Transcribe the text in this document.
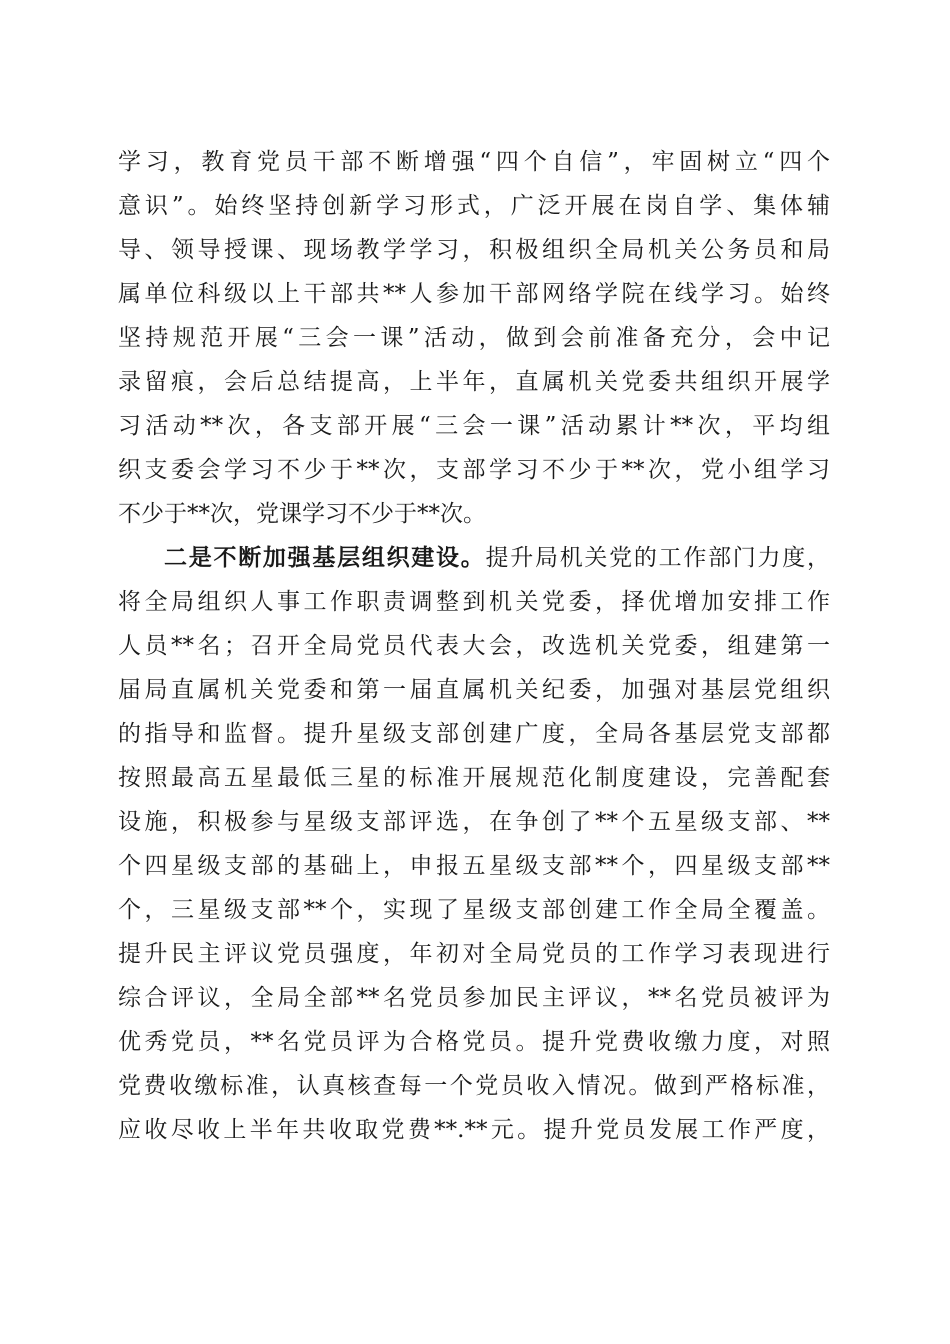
学习，教育党员干部不断增强“四个自信”，牢固树立“四个
意识”。始终坚持创新学习形式，广泛开展在岗自学、集体辅
导、领导授课、现场教学学习，积极组织全局机关公务员和局
属单位科级以上干部共**人参加干部网络学院在线学习。始终
坚持规范开展“三会一课”活动，做到会前准备充分，会中记
录留痕，会后总结提高，上半年，直属机关党委共组织开展学
习活动**次，各支部开展“三会一课”活动累计**次，平均组
织支委会学习不少于**次，支部学习不少于**次，党小组学习
不少于**次，党课学习不少于**次。
二是不断加强基层组织建设。提升局机关党的工作部门力度，
将全局组织人事工作职责调整到机关党委，择优增加安排工作
人员**名；召开全局党员代表大会，改选机关党委，组建第一
届局直属机关党委和第一届直属机关纪委，加强对基层党组织
的指导和监督。提升星级支部创建广度，全局各基层党支部都
按照最高五星最低三星的标准开展规范化制度建设，完善配套
设施，积极参与星级支部评选，在争创了**个五星级支部、**
个四星级支部的基础上，申报五星级支部**个，四星级支部**
个，三星级支部**个，实现了星级支部创建工作全局全覆盖。
提升民主评议党员强度，年初对全局党员的工作学习表现进行
综合评议，全局全部**名党员参加民主评议，**名党员被评为
优秀党员，**名党员评为合格党员。提升党费收缴力度，对照
党费收缴标准，认真核查每一个党员收入情况。做到严格标准，
应收尽收上半年共收取党费**.**元。提升党员发展工作严度，
